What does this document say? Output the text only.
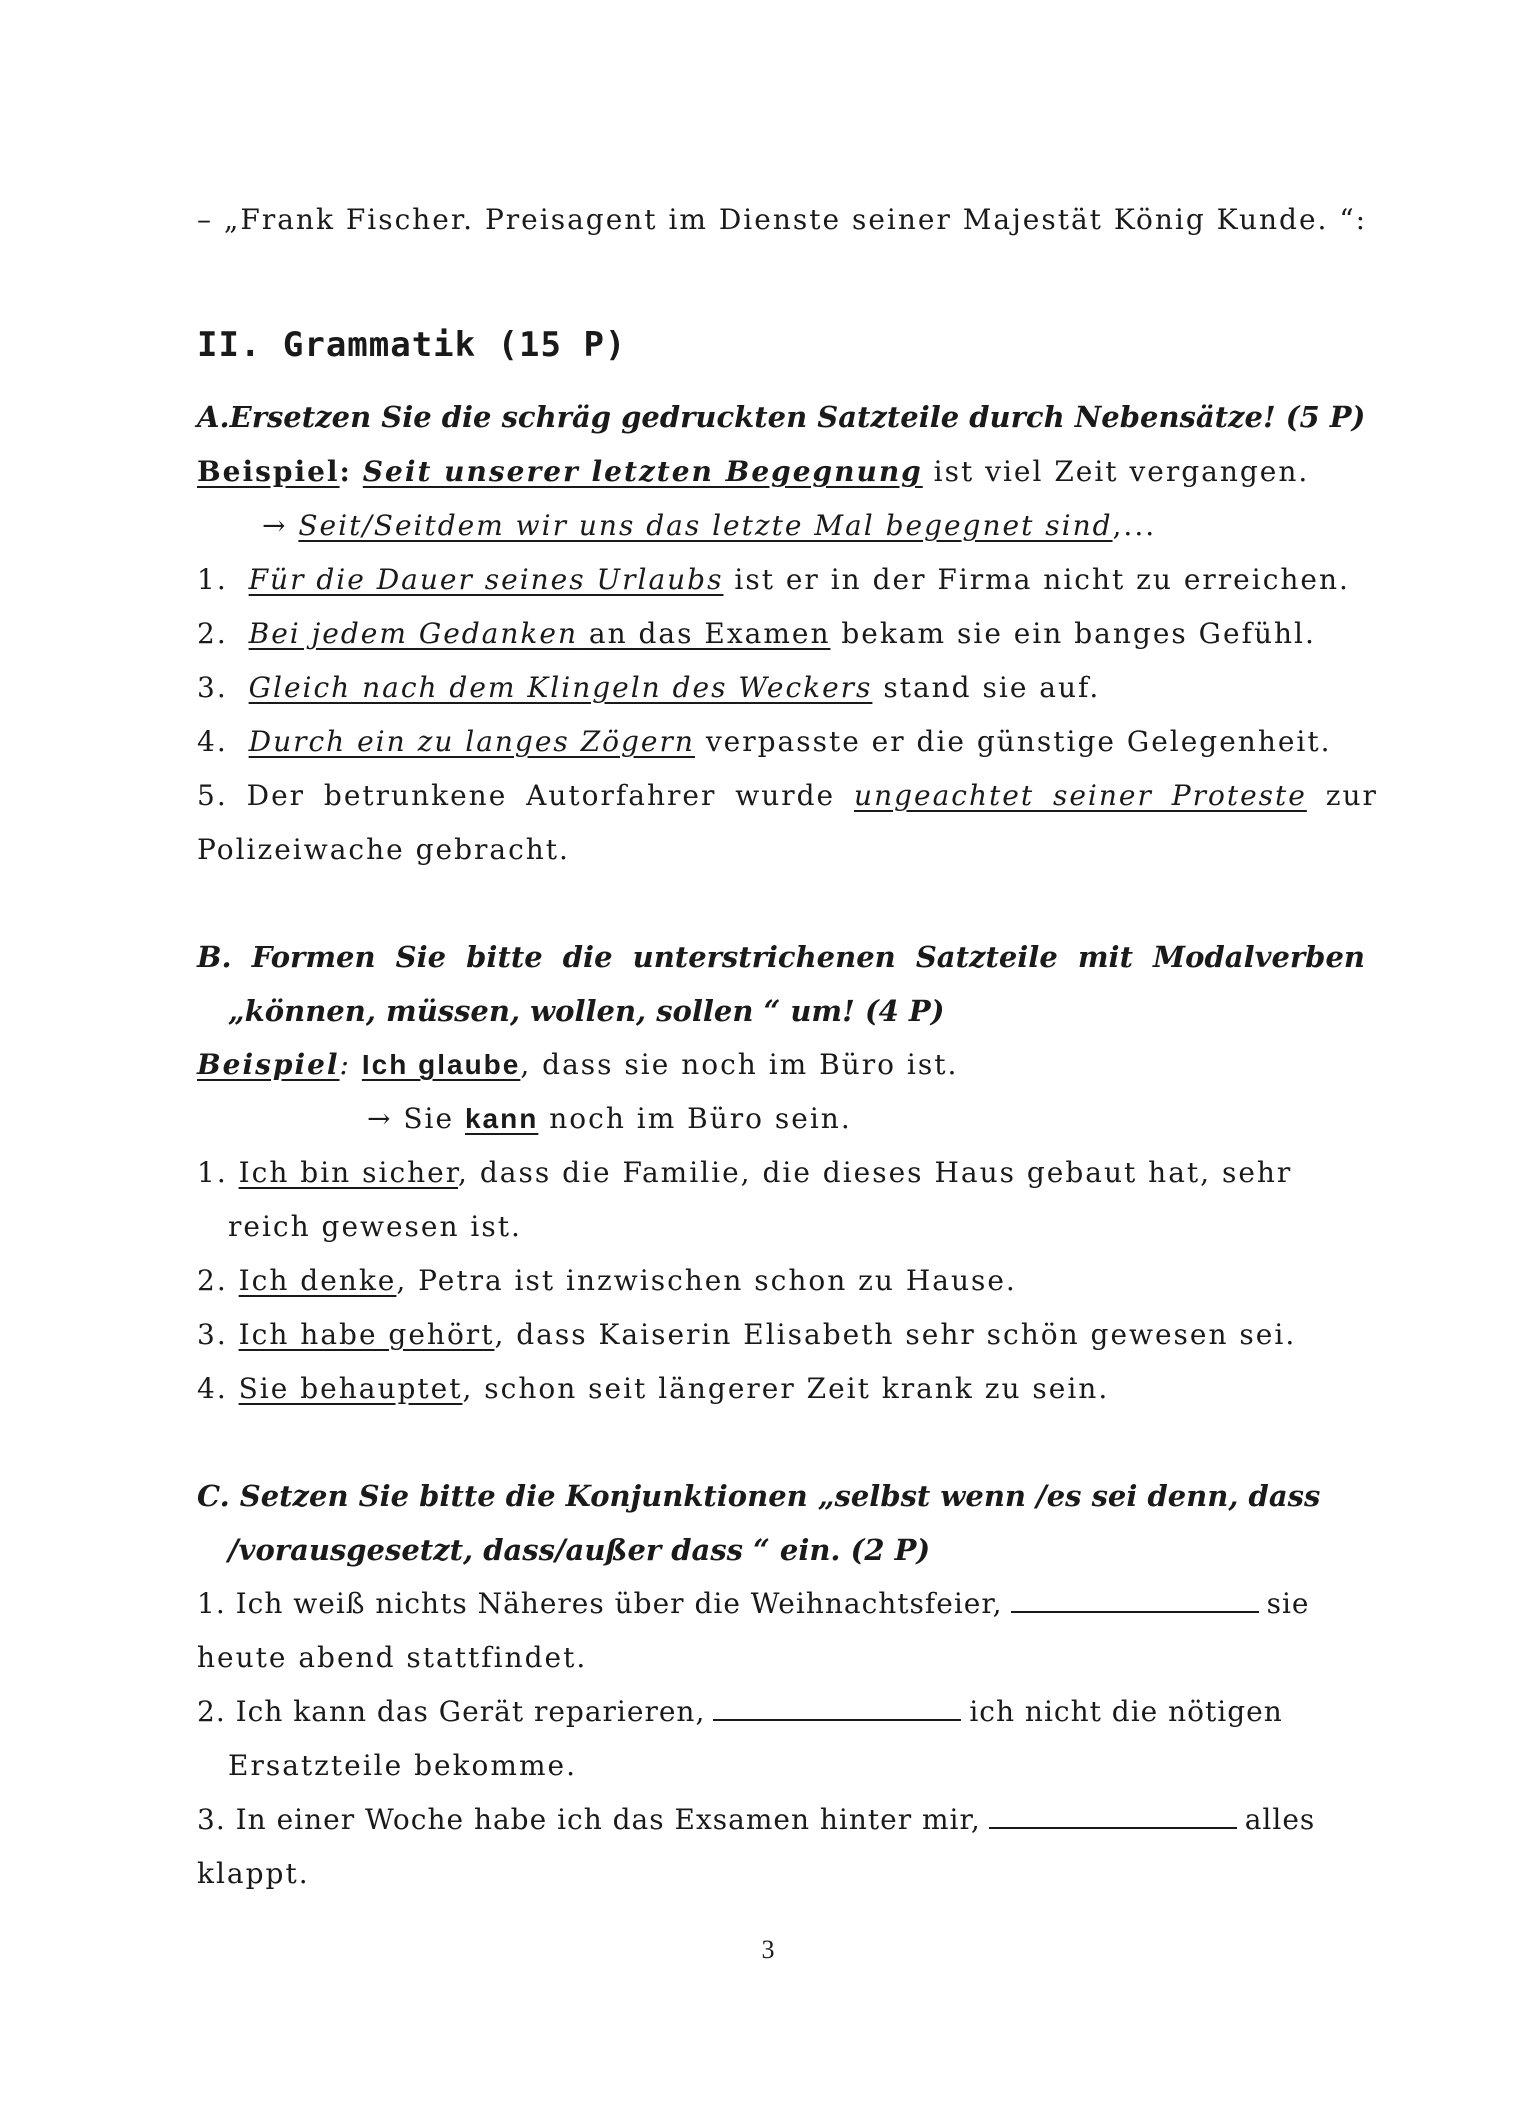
– „Frank Fischer. Preisagent im Dienste seiner Majestät König Kunde. “:
II. Grammatik (15 P)
A.Ersetzen Sie die schräg gedruckten Satzteile durch Nebensätze! (5 P)
Beispiel: Seit unserer letzten Begegnung ist viel Zeit vergangen.
→ Seit/Seitdem wir uns das letzte Mal begegnet sind,...
1. Für die Dauer seines Urlaubs ist er in der Firma nicht zu erreichen.
2. Bei jedem Gedanken an das Examen bekam sie ein banges Gefühl.
3. Gleich nach dem Klingeln des Weckers stand sie auf.
4. Durch ein zu langes Zögern verpasste er die günstige Gelegenheit.
5. Der betrunkene Autorfahrer wurde ungeachtet seiner Proteste zur
Polizeiwache gebracht.
B. Formen Sie bitte die unterstrichenen Satzteile mit Modalverben
„können, müssen, wollen, sollen “ um! (4 P)
Beispiel: Ich glaube, dass sie noch im Büro ist.
→ Sie kann noch im Büro sein.
1. Ich bin sicher, dass die Familie, die dieses Haus gebaut hat, sehr
reich gewesen ist.
2. Ich denke, Petra ist inzwischen schon zu Hause.
3. Ich habe gehört, dass Kaiserin Elisabeth sehr schön gewesen sei.
4. Sie behauptet, schon seit längerer Zeit krank zu sein.
C. Setzen Sie bitte die Konjunktionen „selbst wenn /es sei denn, dass
/vorausgesetzt, dass/außer dass “ ein. (2 P)
1. Ich weiß nichts Näheres über die Weihnachtsfeier,	sie
heute abend stattfindet.
2. Ich kann das Gerät reparieren,	ich nicht die nötigen
Ersatzteile bekomme.
3. In einer Woche habe ich das Exsamen hinter mir,	alles
klappt.
3
